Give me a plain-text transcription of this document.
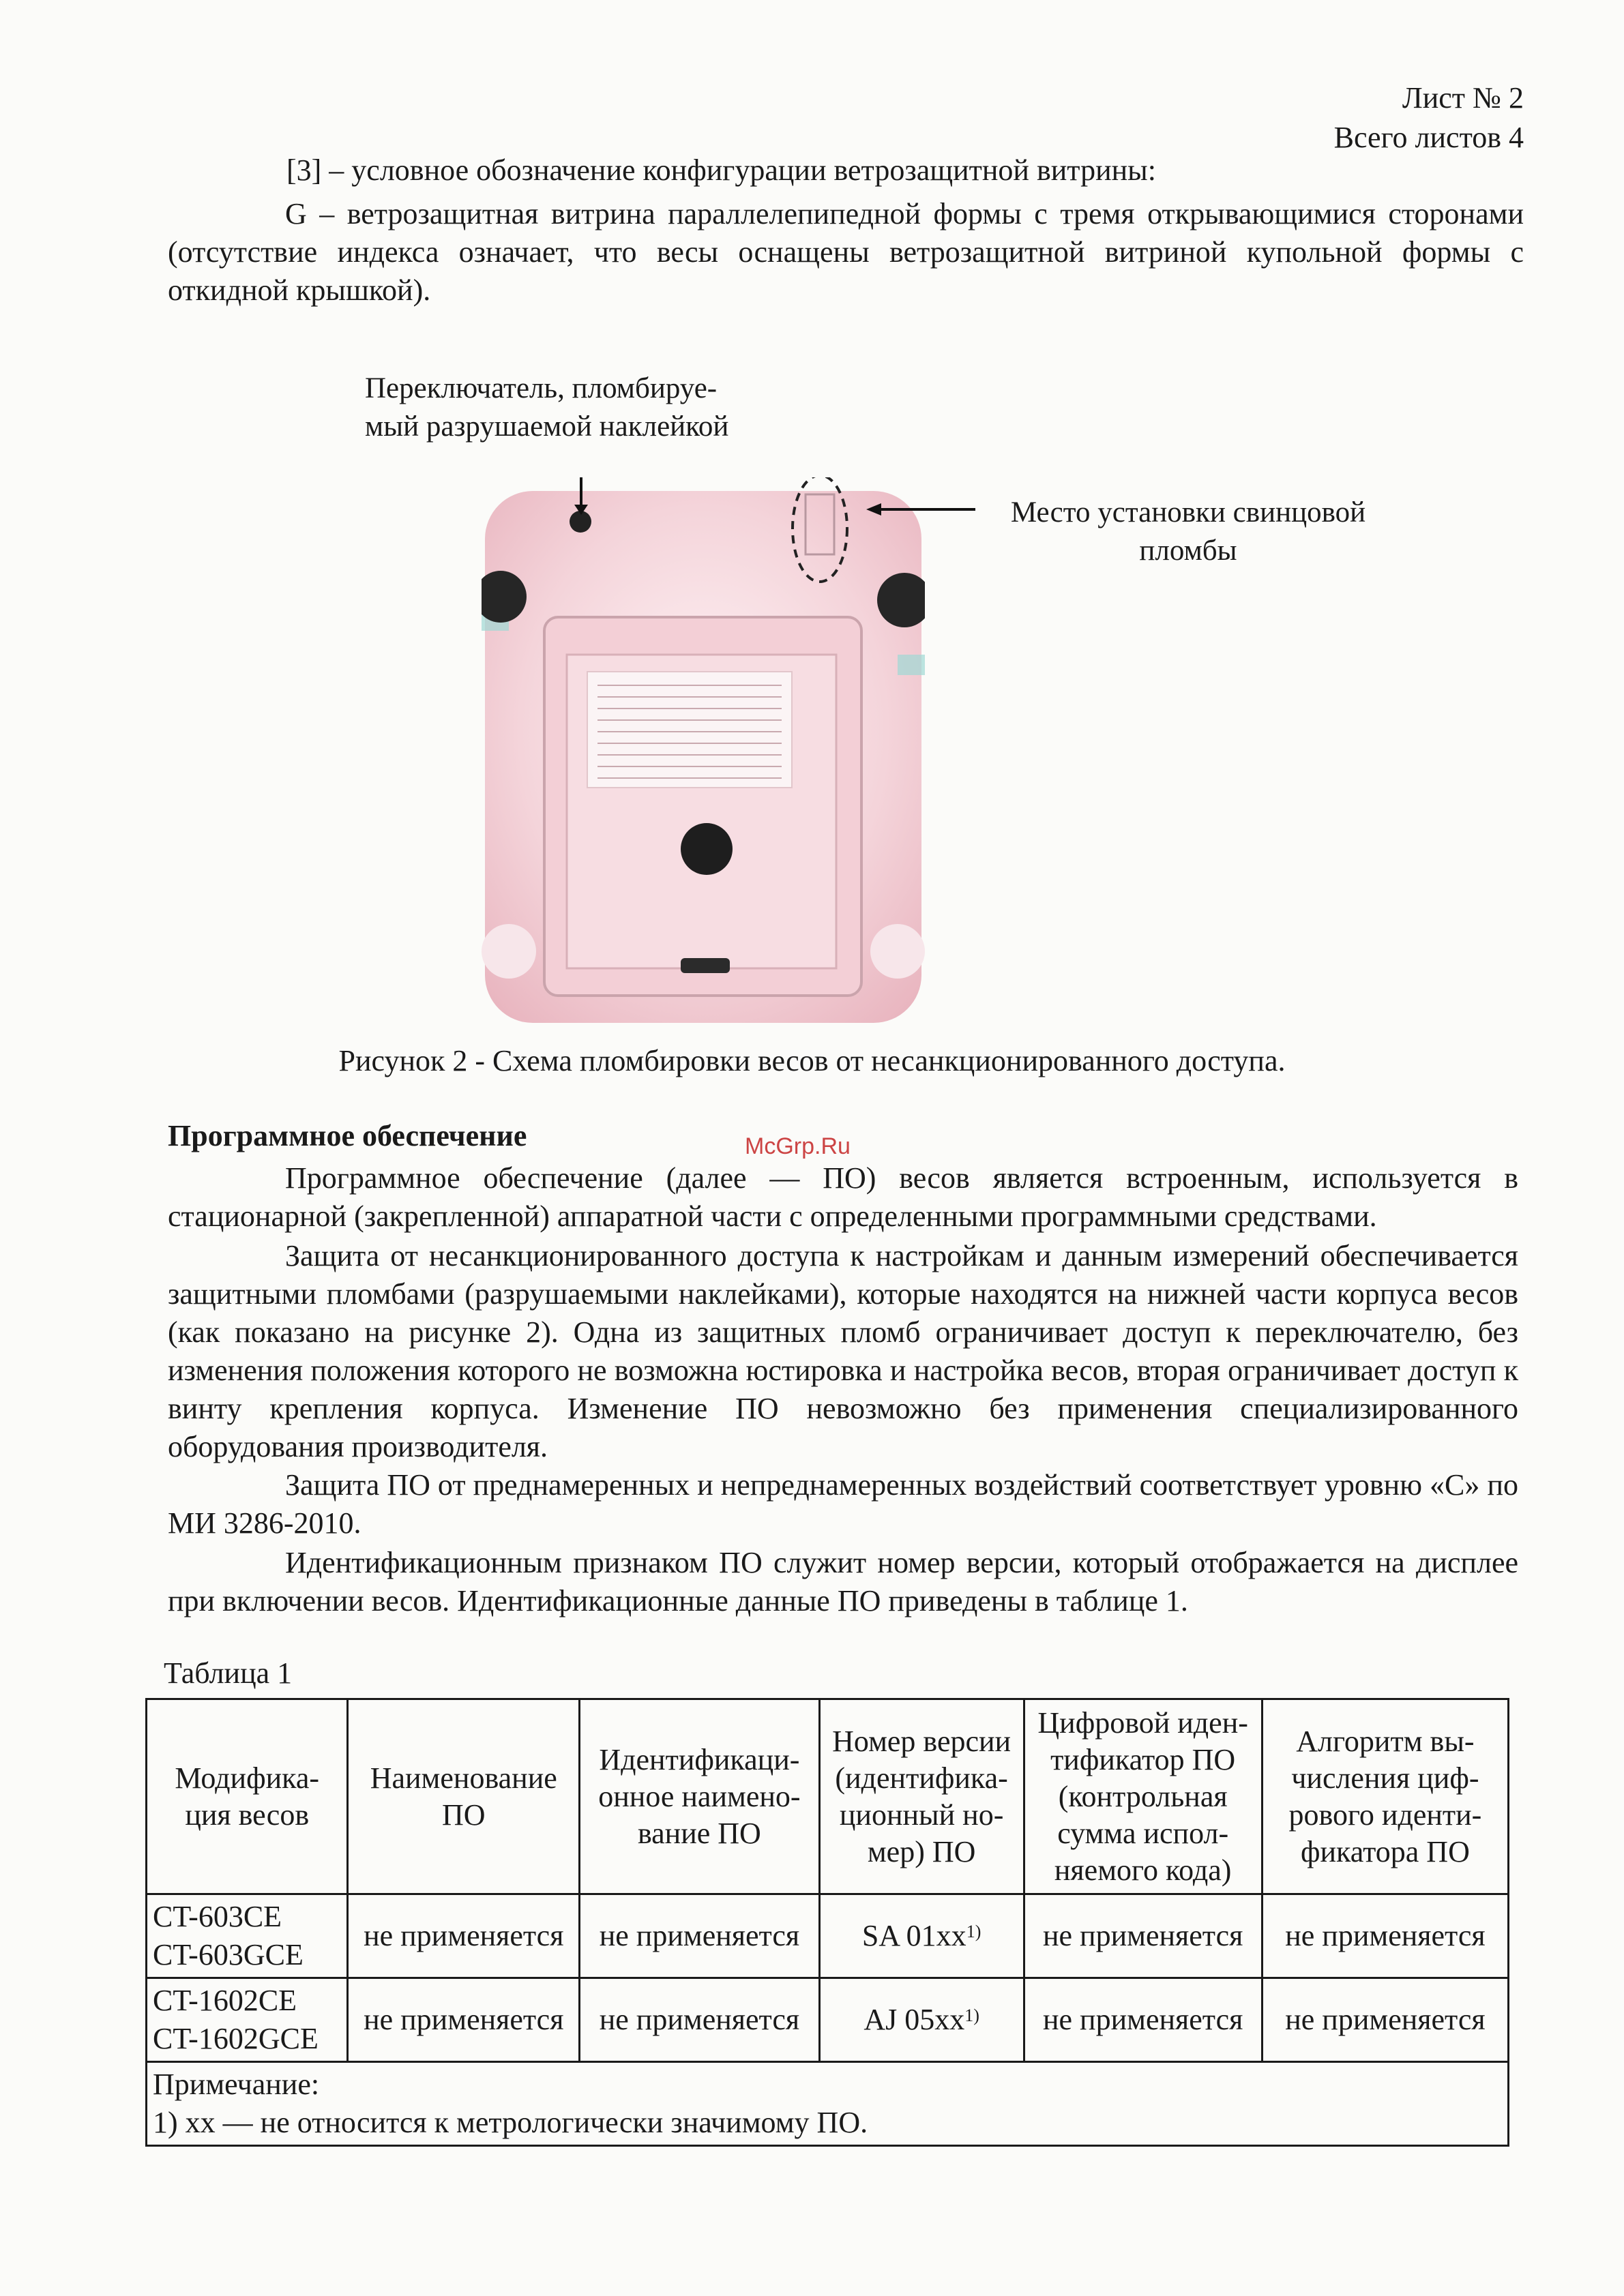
Лист № 2
Всего листов 4

[3] – условное обозначение конфигурации ветрозащитной витрины:

G – ветрозащитная витрина параллелепипедной формы с тремя открывающимися сторонами (отсутствие индекса означает, что весы оснащены ветрозащитной витриной купольной формы с откидной крышкой).

Переключатель, пломбируе-
мый разрушаемой наклейкой
Место установки свинцовой
пломбы
Рисунок 2 - Схема пломбировки весов от несанкционированного доступа.
Программное обеспечение	McGrp.Ru

Программное обеспечение (далее — ПО) весов является встроенным, используется в стационарной (закрепленной) аппаратной части с определенными программными средствами.

Защита от несанкционированного доступа к настройкам и данным измерений обеспечивается защитными пломбами (разрушаемыми наклейками), которые находятся на нижней части корпуса весов (как показано на рисунке 2). Одна из защитных пломб ограничивает доступ к переключателю, без изменения положения которого не возможна юстировка и настройка весов, вторая ограничивает доступ к винту крепления корпуса. Изменение ПО невозможно без применения специализированного оборудования производителя.

Защита ПО от преднамеренных и непреднамеренных воздействий соответствует уровню «С» по МИ 3286-2010.

Идентификационным признаком ПО служит номер версии, который отображается на дисплее при включении весов. Идентификационные данные ПО приведены в таблице 1.

Таблица 1
Модифика-ция весов	Наименование ПО	Идентификаци-онное наимено-вание ПО	Номер версии (идентифика-ционный но-мер) ПО	Цифровой иден-тификатор ПО (контрольная сумма испол-няемого кода)	Алгоритм вы-числения циф-рового иденти-фикатора ПО

CT-603CE
CT-603GCE	не применяется	не применяется	SA $01xx^{1)}$	не применяется	не применяется

CT-1602CE
CT-1602GCE	не применяется	не применяется	AJ $05xx^{1)}$	не применяется	не применяется

Примечание:
1) xx — не относится к метрологически значимому ПО.					
